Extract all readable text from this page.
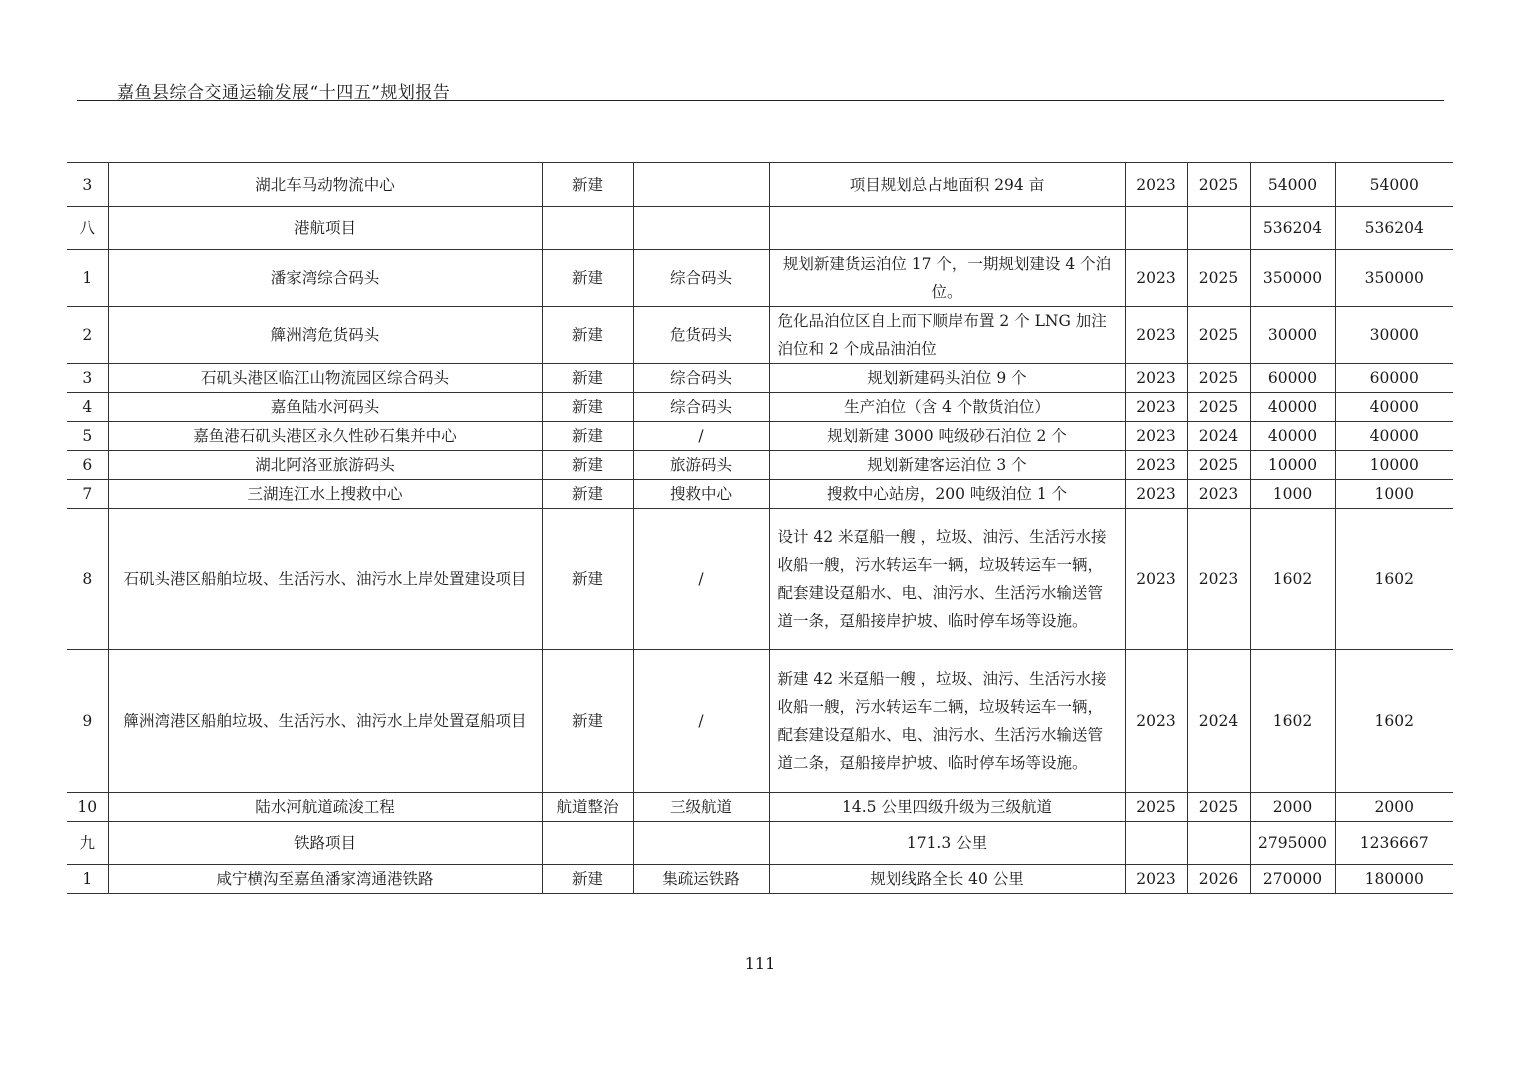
嘉鱼县综合交通运输发展“十四五”规划报告
3	湖北车马动物流中心	新建		项目规划总占地面积 294 亩	2023	2025	54000	54000
八	港航项目						536204	536204
1	潘家湾综合码头	新建	综合码头	规划新建货运泊位 17 个，一期规划建设 4 个泊位。	2023	2025	350000	350000
2	簰洲湾危货码头	新建	危货码头	危化品泊位区自上而下顺岸布置 2 个 LNG 加注泊位和 2 个成品油泊位	2023	2025	30000	30000
3	石矶头港区临江山物流园区综合码头	新建	综合码头	规划新建码头泊位 9 个	2023	2025	60000	60000
4	嘉鱼陆水河码头	新建	综合码头	生产泊位（含 4 个散货泊位）	2023	2025	40000	40000
5	嘉鱼港石矶头港区永久性砂石集并中心	新建	/	规划新建 3000 吨级砂石泊位 2 个	2023	2024	40000	40000
6	湖北阿洛亚旅游码头	新建	旅游码头	规划新建客运泊位 3 个	2023	2025	10000	10000
7	三湖连江水上搜救中心	新建	搜救中心	搜救中心站房，200 吨级泊位 1 个	2023	2023	1000	1000
8	石矶头港区船舶垃圾、生活污水、油污水上岸处置建设项目	新建	/	设计 42 米趸船一艘 ，垃圾、油污、生活污水接收船一艘，污水转运车一辆，垃圾转运车一辆，配套建设趸船水、电、油污水、生活污水输送管道一条，趸船接岸护坡、临时停车场等设施。	2023	2023	1602	1602
9	簰洲湾港区船舶垃圾、生活污水、油污水上岸处置趸船项目	新建	/	新建 42 米趸船一艘 ，垃圾、油污、生活污水接收船一艘，污水转运车二辆，垃圾转运车一辆，配套建设趸船水、电、油污水、生活污水输送管道二条，趸船接岸护坡、临时停车场等设施。	2023	2024	1602	1602
10	陆水河航道疏浚工程	航道整治	三级航道	14.5 公里四级升级为三级航道	2025	2025	2000	2000
九	铁路项目			171.3 公里			2795000	1236667
1	咸宁横沟至嘉鱼潘家湾通港铁路	新建	集疏运铁路	规划线路全长 40 公里	2023	2026	270000	180000
111
